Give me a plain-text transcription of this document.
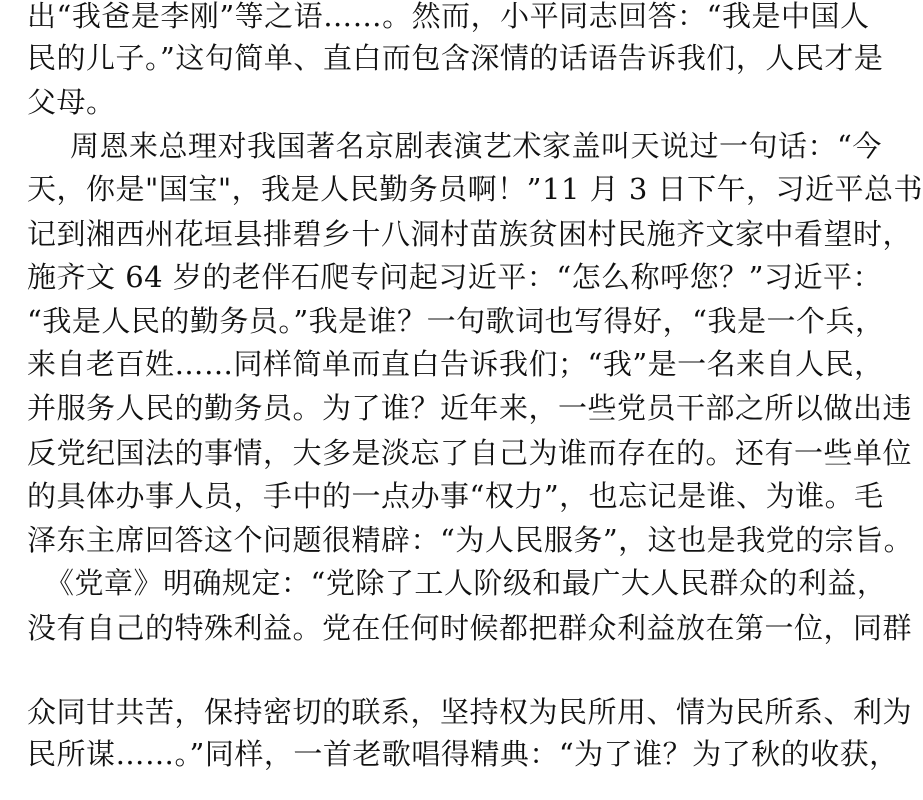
出“我爸是李刚”等之语……。然而，小平同志回答：“我是中国人
民的儿子。”这句简单、直白而包含深情的话语告诉我们，人民才是
父母。
周恩来总理对我国著名京剧表演艺术家盖叫天说过一句话：“今
天，你是"国宝"，我是人民勤务员啊！”11 月 3 日下午，习近平总书
记到湘西州花垣县排碧乡十八洞村苗族贫困村民施齐文家中看望时，
施齐文 64 岁的老伴石爬专问起习近平：“怎么称呼您？”习近平：
“我是人民的勤务员。”我是谁？一句歌词也写得好，“我是一个兵，
来自老百姓……同样简单而直白告诉我们；“我”是一名来自人民，
并服务人民的勤务员。为了谁？近年来，一些党员干部之所以做出违
反党纪国法的事情，大多是淡忘了自己为谁而存在的。还有一些单位
的具体办事人员，手中的一点办事“权力”，也忘记是谁、为谁。毛
泽东主席回答这个问题很精辟：“为人民服务”，这也是我党的宗旨。
《党章》明确规定：“党除了工人阶级和最广大人民群众的利益，
没有自己的特殊利益。党在任何时候都把群众利益放在第一位，同群
众同甘共苦，保持密切的联系，坚持权为民所用、情为民所系、利为
民所谋……。”同样，一首老歌唱得精典：“为了谁？为了秋的收获，
